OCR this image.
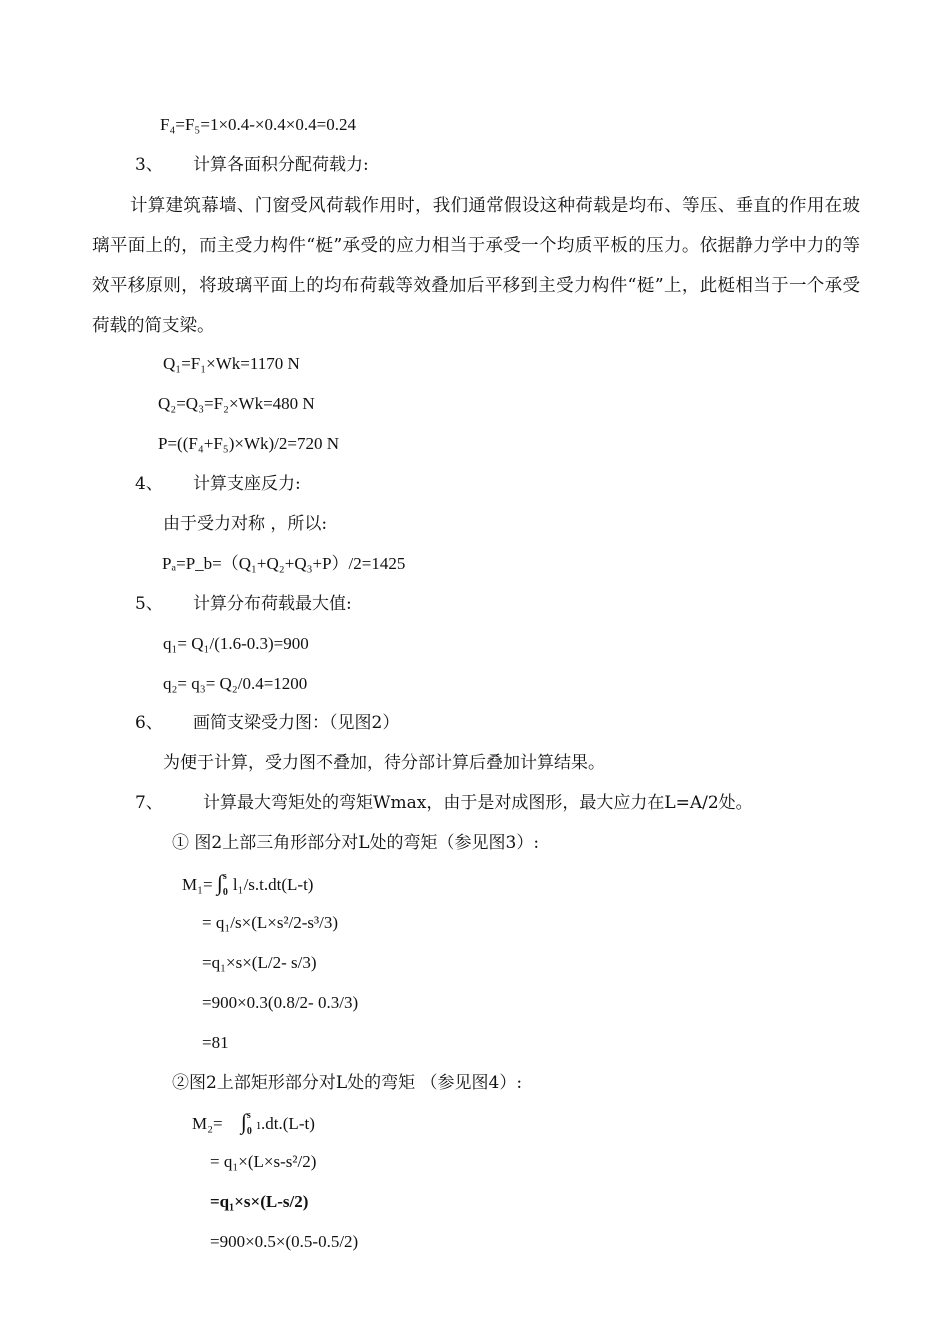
F₄=F₅=1×0.4-×0.4×0.4=0.24
3、 计算各面积分配荷载力:
计算建筑幕墙、门窗受风荷载作用时，我们通常假设这种荷载是均布、等压、垂直的作用在玻璃平面上的，而主受力构件“梃”承受的应力相当于承受一个均质平板的压力。依据静力学中力的等效平移原则，将玻璃平面上的均布荷载等效叠加后平移到主受力构件“梃”上，此梃相当于一个承受荷载的简支梁。
Q₁=F₁×Wk=1170 N
Q₂=Q₃=F₂×Wk=480 N
P=((F₄+F₅)×Wk)/2=720 N
4、 计算支座反力:
由于受力对称 ，所以:
Pₐ=P_b=（Q₁+Q₂+Q₃+P）/2=1425
5、 计算分布荷载最大值:
q₁= Q₁/(1.6-0.3)=900
q₂= q₃= Q₂/0.4=1200
6、 画简支梁受力图：（见图2）
为便于计算，受力图不叠加，待分部计算后叠加计算结果。
7、 计算最大弯矩处的弯矩Wmax，由于是对成图形，最大应力在L=A/2处。
① 图2上部三角形部分对L处的弯矩（参见图3）:
M₁= ∫ s
0 l₁/s.t.dt(L-t)
= q₁/s×(L×s²/2-s³/3)
=q₁×s×(L/2- s/3)
=900×0.3(0.8/2- 0.3/3)
=81
②图2上部矩形部分对L处的弯矩 （参见图4）:
M₂= ∫ s
0 ₗ.dt.(L-t)
= q₁×(L×s-s²/2)
=q₁×s×(L-s/2)
=900×0.5×(0.5-0.5/2)
